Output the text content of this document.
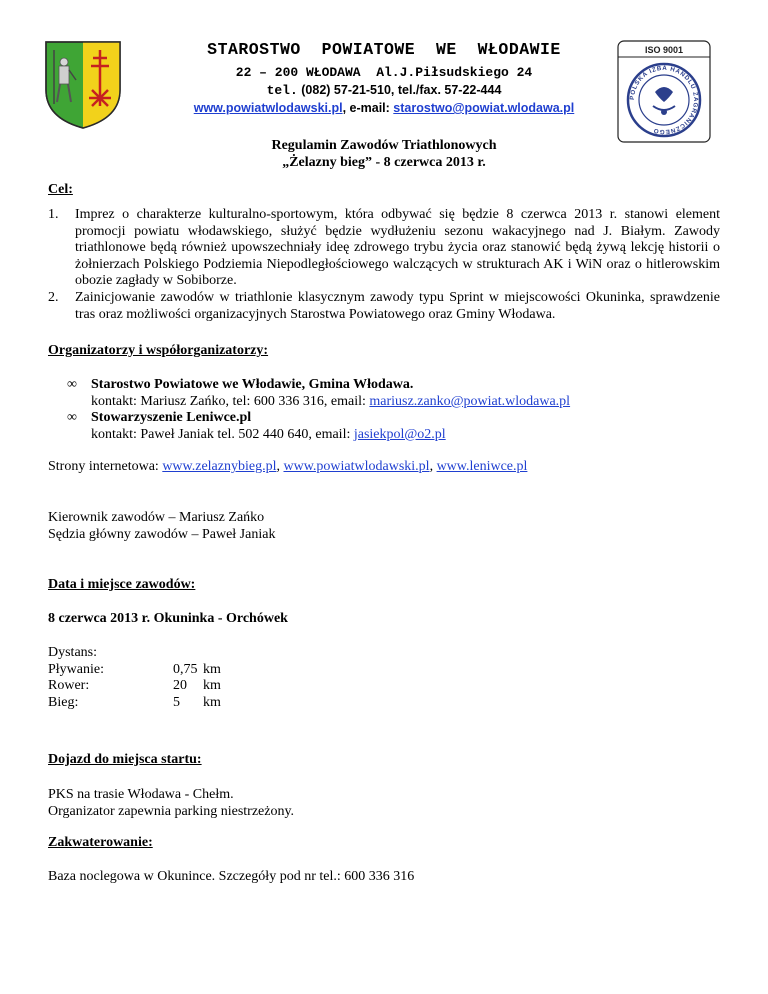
STAROSTWO  POWIATOWE  WE  WŁODAWIE
22 – 200 WŁODAWA  Al.J.Piłsudskiego 24
tel. (082) 57-21-510, tel./fax. 57-22-444
www.powiatwlodawski.pl, e-mail: starostwo@powiat.wlodawa.pl
ISO 9001
POLSKA IZBA HANDLU ZAGRANICZNEGO
Regulamin Zawodów Triathlonowych
„Żelazny bieg” - 8 czerwca 2013 r.
Cel:
1. Imprez o charakterze kulturalno-sportowym, która odbywać się będzie 8 czerwca 2013 r. stanowi element promocji powiatu włodawskiego, służyć będzie wydłużeniu sezonu wakacyjnego nad J. Białym. Zawody triathlonowe będą również upowszechniały ideę zdrowego trybu życia oraz stanowić będą żywą lekcję historii o żołnierzach Polskiego Podziemia Niepodległościowego walczących w strukturach AK i WiN oraz o hitlerowskim obozie zagłady w Sobiborze.
2. Zainicjowanie zawodów w triathlonie klasycznym zawody typu Sprint w miejscowości Okuninka, sprawdzenie tras oraz możliwości organizacyjnych Starostwa Powiatowego oraz Gminy Włodawa.
Organizatorzy i współorganizatorzy:
∞ Starostwo Powiatowe we Włodawie, Gmina Włodawa.
kontakt: Mariusz Zańko, tel: 600 336 316, email: mariusz.zanko@powiat.wlodawa.pl
∞ Stowarzyszenie Leniwce.pl
kontakt: Paweł Janiak tel. 502 440 640, email: jasiekpol@o2.pl
Strony internetowa: www.zelaznybieg.pl, www.powiatwlodawski.pl, www.leniwce.pl
Kierownik zawodów – Mariusz Zańko
Sędzia główny zawodów – Paweł Janiak
Data i miejsce zawodów:
8 czerwca 2013 r. Okuninka - Orchówek
Dystans:
Pływanie:	0,75 km
Rower:	20 km
Bieg:	5 km
Dojazd do miejsca startu:
PKS na trasie Włodawa - Chełm.
Organizator zapewnia parking niestrzeżony.
Zakwaterowanie:
Baza noclegowa w Okunince. Szczegóły pod nr tel.: 600 336 316
